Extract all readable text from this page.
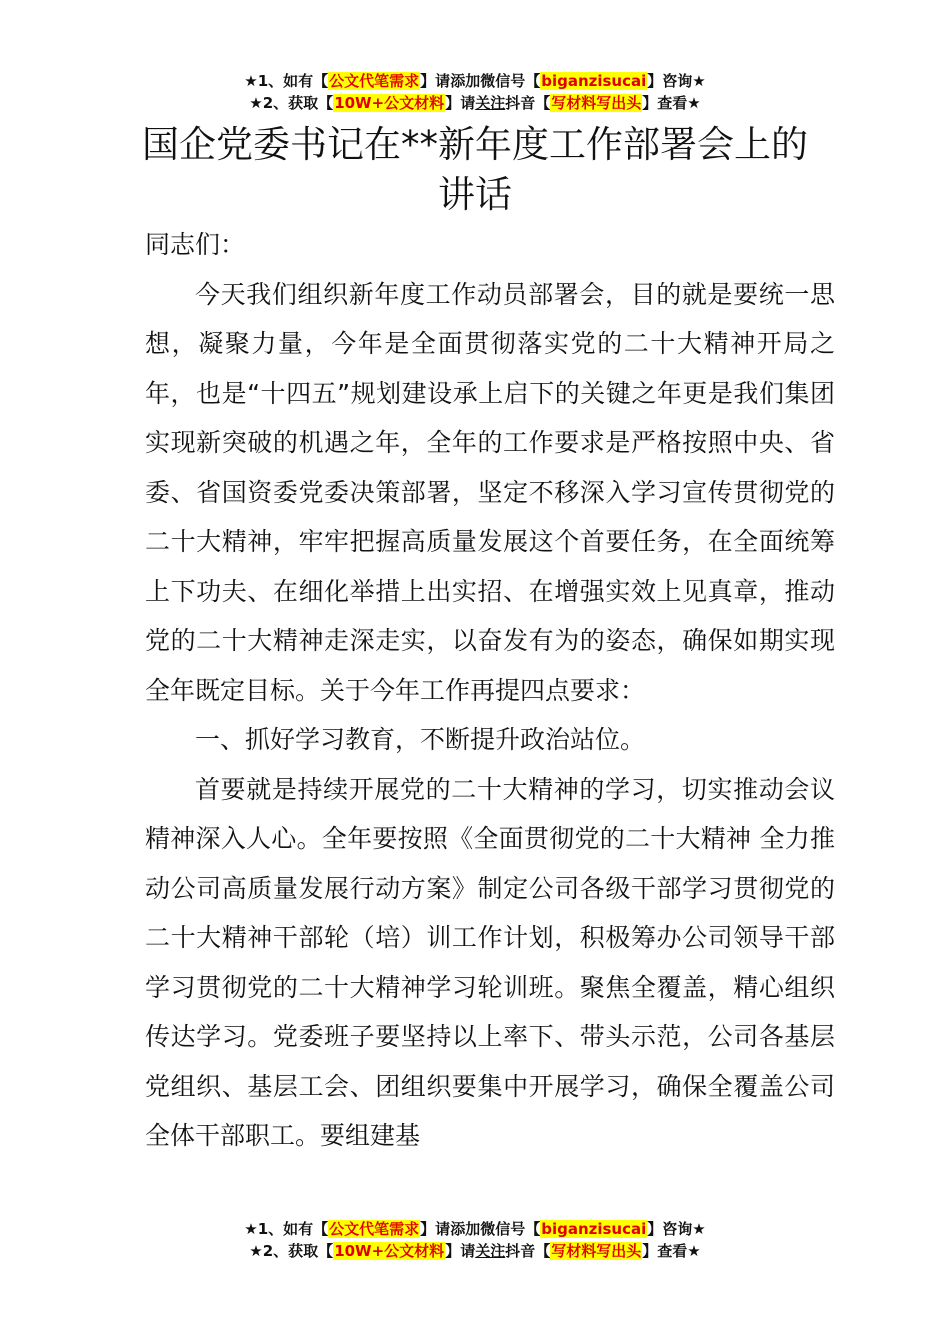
★1、如有【公文代笔需求】请添加微信号【biganzisucai】咨询★
★2、获取【10W+公文材料】请关注抖音【写材料写出头】查看★
国企党委书记在**新年度工作部署会上的
讲话

同志们：

今天我们组织新年度工作动员部署会，目的就是要统一思想，凝聚力量，今年是全面贯彻落实党的二十大精神开局之年，也是“十四五”规划建设承上启下的关键之年更是我们集团实现新突破的机遇之年，全年的工作要求是严格按照中央、省委、省国资委党委决策部署，坚定不移深入学习宣传贯彻党的二十大精神，牢牢把握高质量发展这个首要任务，在全面统筹上下功夫、在细化举措上出实招、在增强实效上见真章，推动党的二十大精神走深走实，以奋发有为的姿态，确保如期实现全年既定目标。关于今年工作再提四点要求：

一、抓好学习教育，不断提升政治站位。

首要就是持续开展党的二十大精神的学习，切实推动会议精神深入人心。全年要按照《全面贯彻党的二十大精神 全力推动公司高质量发展行动方案》制定公司各级干部学习贯彻党的二十大精神干部轮（培）训工作计划，积极筹办公司领导干部学习贯彻党的二十大精神学习轮训班。聚焦全覆盖，精心组织传达学习。党委班子要坚持以上率下、带头示范，公司各基层党组织、基层工会、团组织要集中开展学习，确保全覆盖公司全体干部职工。要组建基

★1、如有【公文代笔需求】请添加微信号【biganzisucai】咨询★
★2、获取【10W+公文材料】请关注抖音【写材料写出头】查看★
